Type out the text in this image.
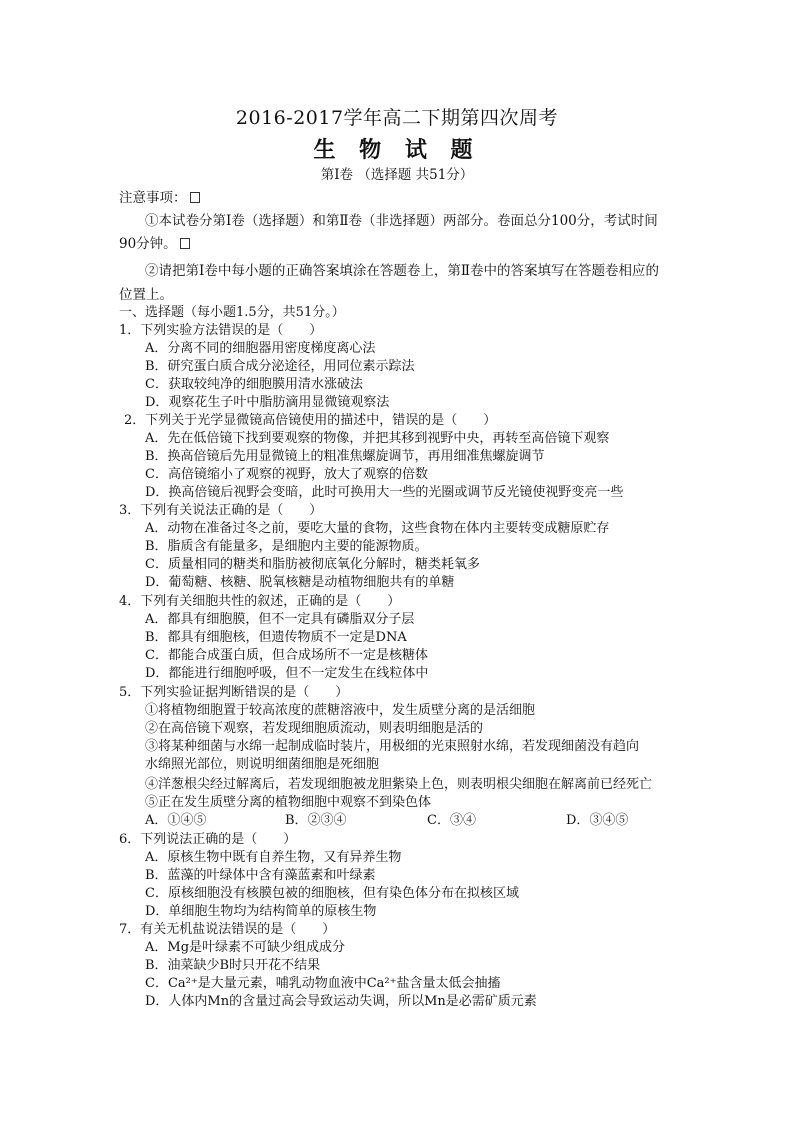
2016-2017学年高二下期第四次周考
生 物 试 题
第Ⅰ卷 （选择题 共51分）
注意事项：
①本试卷分第Ⅰ卷（选择题）和第Ⅱ卷（非选择题）两部分。卷面总分100分，考试时间
90分钟。
②请把第Ⅰ卷中每小题的正确答案填涂在答题卷上，第Ⅱ卷中的答案填写在答题卷相应的
位置上。
一、选择题（每小题1.5分，共51分。）
1．下列实验方法错误的是（　　）
A．分离不同的细胞器用密度梯度离心法
B．研究蛋白质合成分泌途径，用同位素示踪法
C．获取较纯净的细胞膜用清水涨破法
D．观察花生子叶中脂肪滴用显微镜观察法
2．下列关于光学显微镜高倍镜使用的描述中，错误的是（　　）
A．先在低倍镜下找到要观察的物像，并把其移到视野中央，再转至高倍镜下观察
B．换高倍镜后先用显微镜上的粗准焦螺旋调节，再用细准焦螺旋调节
C．高倍镜缩小了观察的视野，放大了观察的倍数
D．换高倍镜后视野会变暗，此时可换用大一些的光圈或调节反光镜使视野变亮一些
3．下列有关说法正确的是（　　）
A．动物在准备过冬之前，要吃大量的食物，这些食物在体内主要转变成糖原贮存
B．脂质含有能量多，是细胞内主要的能源物质。
C．质量相同的糖类和脂肪被彻底氧化分解时，糖类耗氧多
D．葡萄糖、核糖、脱氧核糖是动植物细胞共有的单糖
4．下列有关细胞共性的叙述，正确的是（　　）
A．都具有细胞膜，但不一定具有磷脂双分子层
B．都具有细胞核，但遗传物质不一定是DNA
C．都能合成蛋白质，但合成场所不一定是核糖体
D．都能进行细胞呼吸，但不一定发生在线粒体中
5．下列实验证据判断错误的是（　　）
①将植物细胞置于较高浓度的蔗糖溶液中，发生质壁分离的是活细胞
②在高倍镜下观察，若发现细胞质流动，则表明细胞是活的
③将某种细菌与水绵一起制成临时装片，用极细的光束照射水绵，若发现细菌没有趋向
水绵照光部位，则说明细菌细胞是死细胞
④洋葱根尖经过解离后，若发现细胞被龙胆紫染上色，则表明根尖细胞在解离前已经死亡
⑤正在发生质壁分离的植物细胞中观察不到染色体
A．①④⑤	B．②③④	C．③④	D．③④⑤
6．下列说法正确的是（　　）
A．原核生物中既有自养生物，又有异养生物
B．蓝藻的叶绿体中含有藻蓝素和叶绿素
C．原核细胞没有核膜包被的细胞核，但有染色体分布在拟核区域
D．单细胞生物均为结构简单的原核生物
7．有关无机盐说法错误的是（　　）
A．Mg是叶绿素不可缺少组成成分
B．油菜缺少B时只开花不结果
C．Ca²⁺是大量元素，哺乳动物血液中Ca²⁺盐含量太低会抽搐
D．人体内Mn的含量过高会导致运动失调，所以Mn是必需矿质元素
